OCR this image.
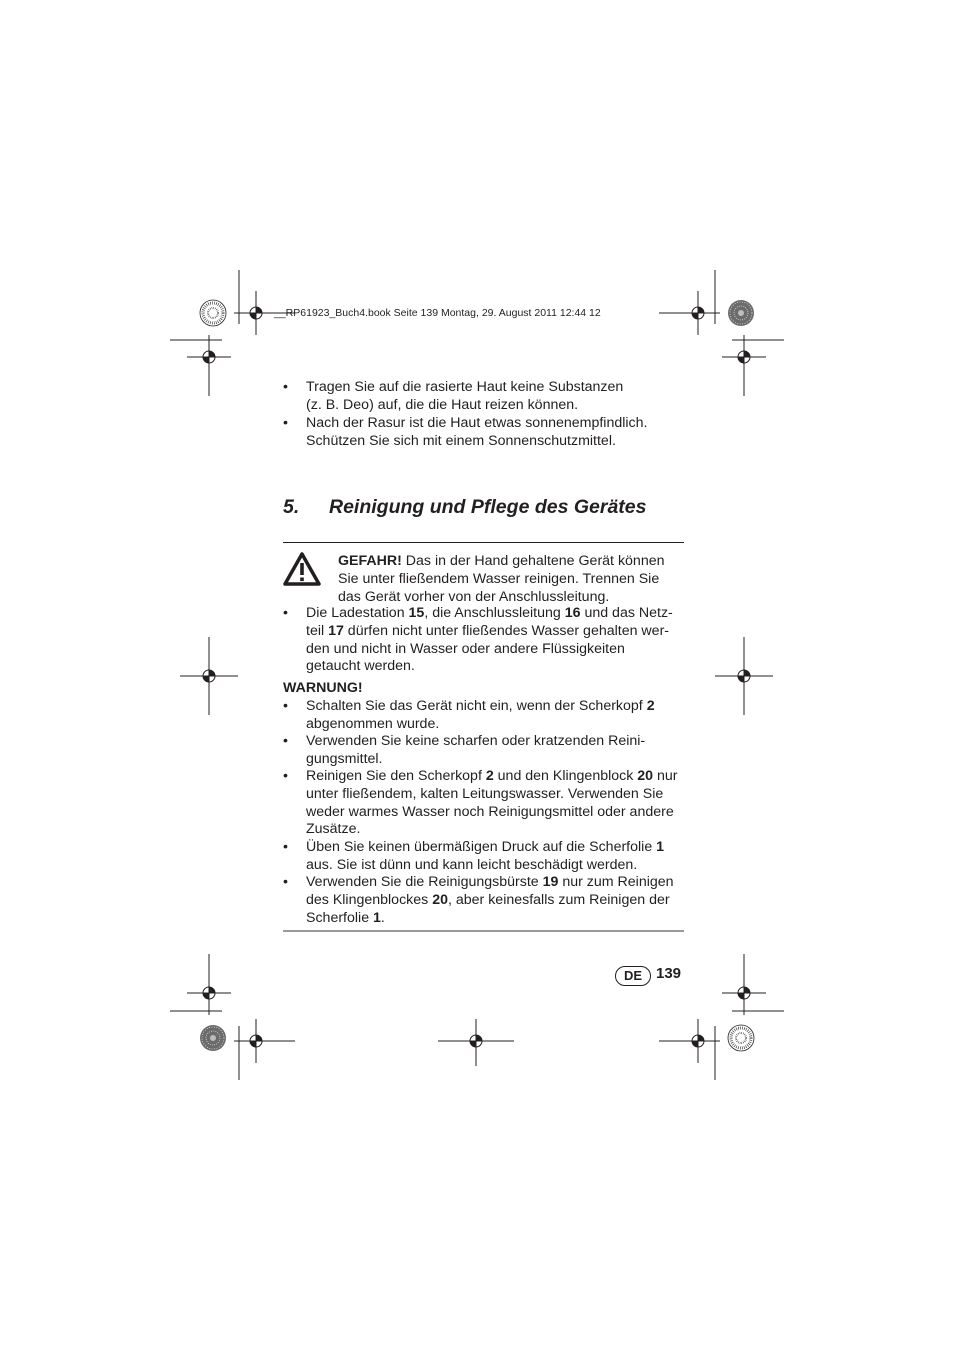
__RP61923_Buch4.book Seite 139 Montag, 29. August 2011 12:44 12
• Tragen Sie auf die rasierte Haut keine Substanzen
(z. B. Deo) auf, die die Haut reizen können.
• Nach der Rasur ist die Haut etwas sonnenempfindlich.
Schützen Sie sich mit einem Sonnenschutzmittel.
5. Reinigung und Pflege des Gerätes
GEFAHR! Das in der Hand gehaltene Gerät können
Sie unter fließendem Wasser reinigen. Trennen Sie
das Gerät vorher von der Anschlussleitung.
• Die Ladestation 15, die Anschlussleitung 16 und das Netz-
teil 17 dürfen nicht unter fließendes Wasser gehalten wer-
den und nicht in Wasser oder andere Flüssigkeiten
getaucht werden.
WARNUNG!
• Schalten Sie das Gerät nicht ein, wenn der Scherkopf 2
abgenommen wurde.
• Verwenden Sie keine scharfen oder kratzenden Reini-
gungsmittel.
• Reinigen Sie den Scherkopf 2 und den Klingenblock 20 nur
unter fließendem, kalten Leitungswasser. Verwenden Sie
weder warmes Wasser noch Reinigungsmittel oder andere
Zusätze.
• Üben Sie keinen übermäßigen Druck auf die Scherfolie 1
aus. Sie ist dünn und kann leicht beschädigt werden.
• Verwenden Sie die Reinigungsbürste 19 nur zum Reinigen
des Klingenblockes 20, aber keinesfalls zum Reinigen der
Scherfolie 1.
DE 139
